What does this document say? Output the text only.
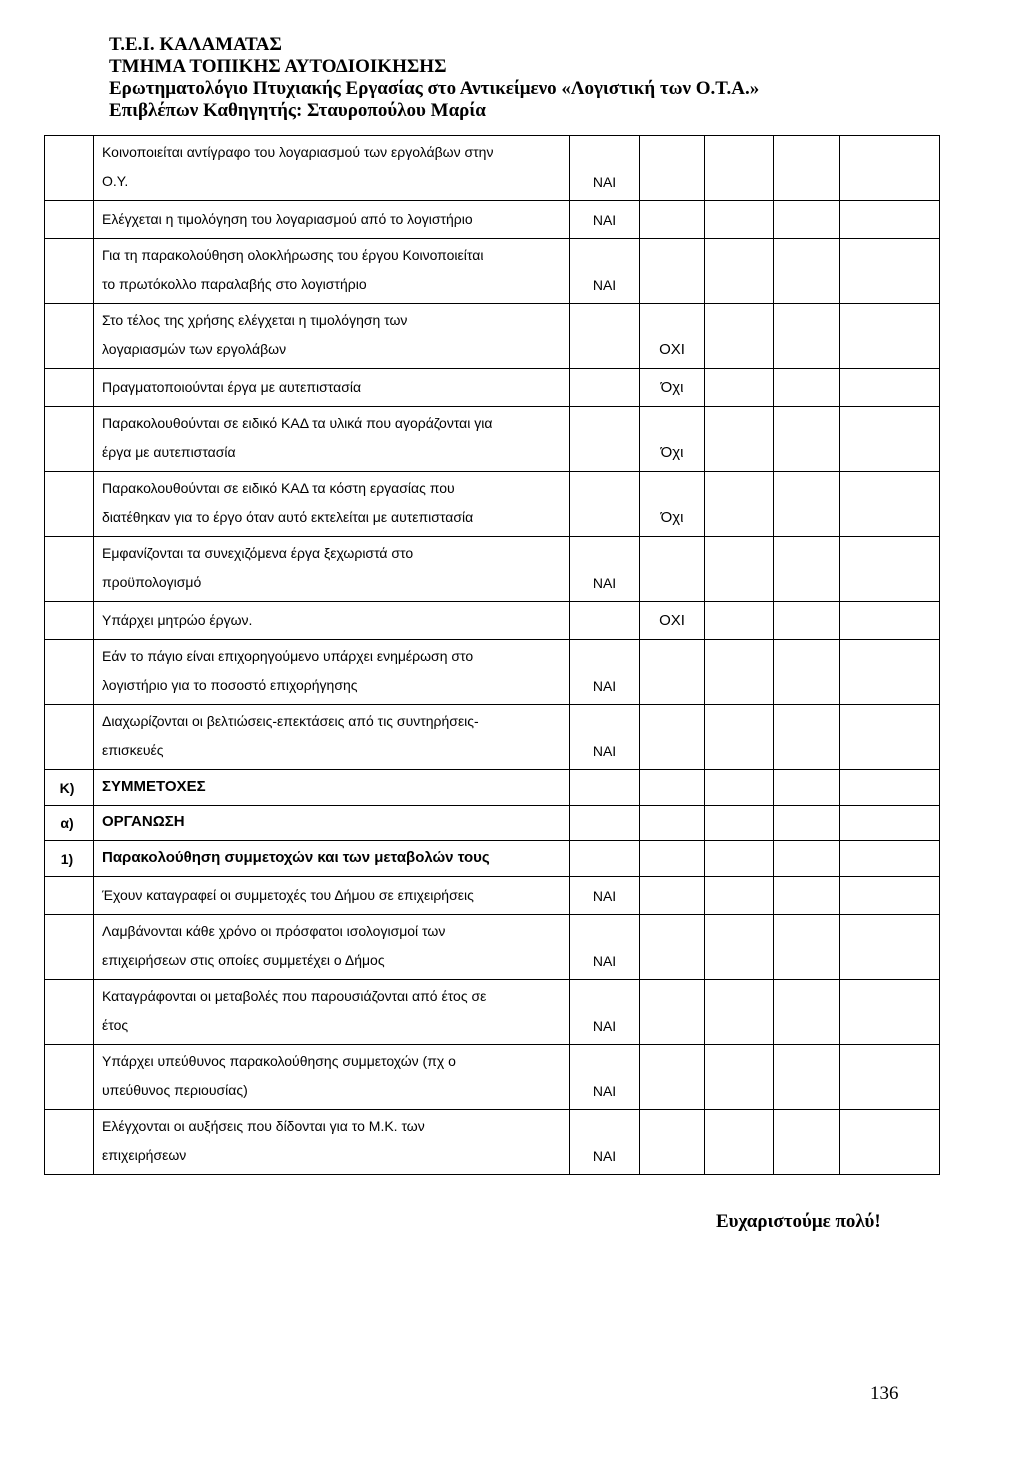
Τ.Ε.Ι. ΚΑΛΑΜΑΤΑΣ
ΤΜΗΜΑ ΤΟΠΙΚΗΣ ΑΥΤΟΔΙΟΙΚΗΣΗΣ
Ερωτηματολόγιο Πτυχιακής Εργασίας στο Αντικείμενο «Λογιστική των Ο.Τ.Α.»
Επιβλέπων Καθηγητής: Σταυροπούλου Μαρία

	Κοινοποιείται αντίγραφο του λογαριασμού των εργολάβων στην
Ο.Υ.	ΝΑΙ				

	Ελέγχεται η τιμολόγηση του λογαριασμού από το λογιστήριο	ΝΑΙ				

	Για τη παρακολούθηση ολοκλήρωσης του έργου Κοινοποιείται
το πρωτόκολλο παραλαβής στο λογιστήριο	ΝΑΙ				

	Στο τέλος της χρήσης ελέγχεται η τιμολόγηση των
λογαριασμών των εργολάβων		ΟΧΙ			

	Πραγματοποιούνται έργα με αυτεπιστασία		Όχι			

	Παρακολουθούνται σε ειδικό ΚΑΔ τα υλικά που αγοράζονται για
έργα με αυτεπιστασία		Όχι			

	Παρακολουθούνται σε ειδικό ΚΑΔ τα κόστη εργασίας που
διατέθηκαν για το έργο όταν αυτό εκτελείται με αυτεπιστασία		Όχι			

	Εμφανίζονται τα συνεχιζόμενα έργα ξεχωριστά στο
προϋπολογισμό	ΝΑΙ				

	Υπάρχει μητρώο έργων.		ΟΧΙ			

	Εάν το πάγιο είναι επιχορηγούμενο υπάρχει ενημέρωση στο
λογιστήριο για το ποσοστό επιχορήγησης	ΝΑΙ				

	Διαχωρίζονται οι βελτιώσεις-επεκτάσεις από τις συντηρήσεις-
επισκευές	ΝΑΙ				
Κ)	ΣΥΜΜΕΤΟΧΕΣ					
α)	ΟΡΓΑΝΩΣΗ					
1)	Παρακολούθηση συμμετοχών και των μεταβολών τους					

	Έχουν καταγραφεί οι συμμετοχές του Δήμου σε επιχειρήσεις	ΝΑΙ				

	Λαμβάνονται κάθε χρόνο οι πρόσφατοι ισολογισμοί των
επιχειρήσεων στις οποίες συμμετέχει ο Δήμος	ΝΑΙ				

	Καταγράφονται οι μεταβολές που παρουσιάζονται από έτος σε
έτος	ΝΑΙ				

	Υπάρχει υπεύθυνος παρακολούθησης συμμετοχών (πχ ο
υπεύθυνος περιουσίας)	ΝΑΙ				

	Ελέγχονται οι αυξήσεις που δίδονται για το Μ.Κ. των
επιχειρήσεων	ΝΑΙ				
Ευχαριστούμε πολύ!
136
